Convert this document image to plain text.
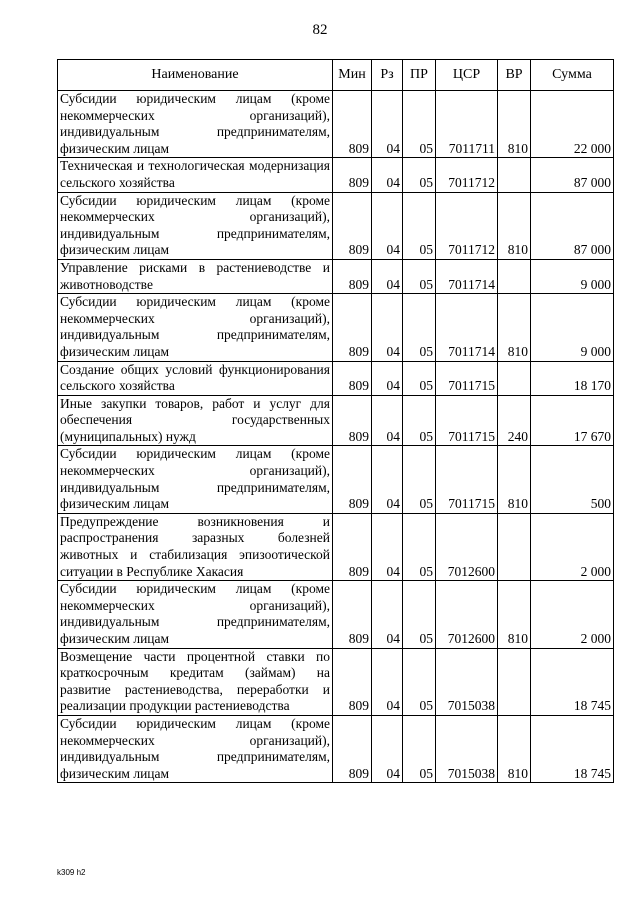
82
Наименование	Мин	Рз	ПР	ЦСР	ВР	Сумма
Субсидии юридическим лицам (кроме некоммерческих организаций), индивидуальным предпринимателям, физическим лицам	809	04	05	7011711	810	22 000
Техническая и технологическая модернизация сельского хозяйства	809	04	05	7011712		87 000
Субсидии юридическим лицам (кроме некоммерческих организаций), индивидуальным предпринимателям, физическим лицам	809	04	05	7011712	810	87 000
Управление рисками в растениеводстве и животноводстве	809	04	05	7011714		9 000
Субсидии юридическим лицам (кроме некоммерческих организаций), индивидуальным предпринимателям, физическим лицам	809	04	05	7011714	810	9 000
Создание общих условий функционирования сельского хозяйства	809	04	05	7011715		18 170
Иные закупки товаров, работ и услуг для обеспечения государственных (муниципальных) нужд	809	04	05	7011715	240	17 670
Субсидии юридическим лицам (кроме некоммерческих организаций), индивидуальным предпринимателям, физическим лицам	809	04	05	7011715	810	500
Предупреждение возникновения и распространения заразных болезней животных и стабилизация эпизоотической ситуации в Республике Хакасия	809	04	05	7012600		2 000
Субсидии юридическим лицам (кроме некоммерческих организаций), индивидуальным предпринимателям, физическим лицам	809	04	05	7012600	810	2 000
Возмещение части процентной ставки по краткосрочным кредитам (займам) на развитие растениеводства, переработки и реализации продукции растениеводства	809	04	05	7015038		18 745
Субсидии юридическим лицам (кроме некоммерческих организаций), индивидуальным предпринимателям, физическим лицам	809	04	05	7015038	810	18 745
k309 h2
